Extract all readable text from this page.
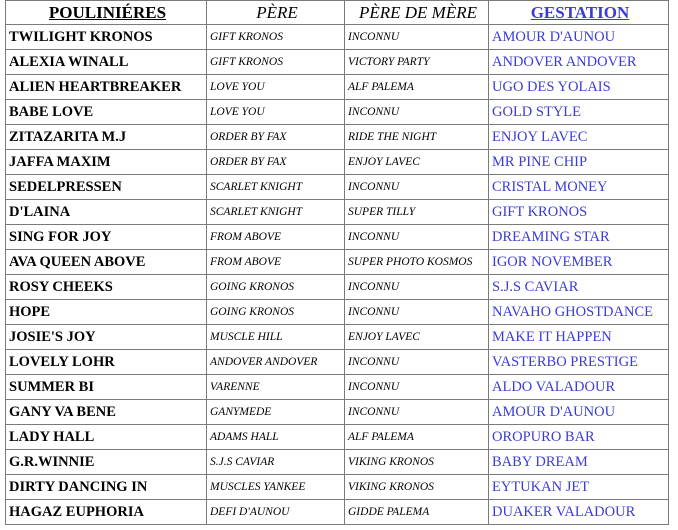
POULINIÉRES	PÈRE	PÈRE DE MÈRE	GESTATION
TWILIGHT KRONOS	GIFT KRONOS	INCONNU	AMOUR D'AUNOU
ALEXIA WINALL	GIFT KRONOS	VICTORY PARTY	ANDOVER ANDOVER
ALIEN HEARTBREAKER	LOVE YOU	ALF PALEMA	UGO DES YOLAIS
BABE LOVE	LOVE YOU	INCONNU	GOLD STYLE
ZITAZARITA M.J	ORDER BY FAX	RIDE THE NIGHT	ENJOY LAVEC
JAFFA MAXIM	ORDER BY FAX	ENJOY LAVEC	MR PINE CHIP
SEDELPRESSEN	SCARLET KNIGHT	INCONNU	CRISTAL MONEY
D'LAINA	SCARLET KNIGHT	SUPER TILLY	GIFT KRONOS
SING FOR JOY	FROM ABOVE	INCONNU	DREAMING STAR
AVA QUEEN ABOVE	FROM ABOVE	SUPER PHOTO KOSMOS	IGOR NOVEMBER
ROSY CHEEKS	GOING KRONOS	INCONNU	S.J.S CAVIAR
HOPE	GOING KRONOS	INCONNU	NAVAHO GHOSTDANCE
JOSIE'S JOY	MUSCLE HILL	ENJOY LAVEC	MAKE IT HAPPEN
LOVELY LOHR	ANDOVER ANDOVER	INCONNU	VASTERBO PRESTIGE
SUMMER BI	VARENNE	INCONNU	ALDO VALADOUR
GANY VA BENE	GANYMEDE	INCONNU	AMOUR D'AUNOU
LADY HALL	ADAMS HALL	ALF PALEMA	OROPURO BAR
G.R.WINNIE	S.J.S CAVIAR	VIKING KRONOS	BABY DREAM
DIRTY DANCING IN	MUSCLES YANKEE	VIKING KRONOS	EYTUKAN JET
HAGAZ EUPHORIA	DEFI D'AUNOU	GIDDE PALEMA	DUAKER VALADOUR
